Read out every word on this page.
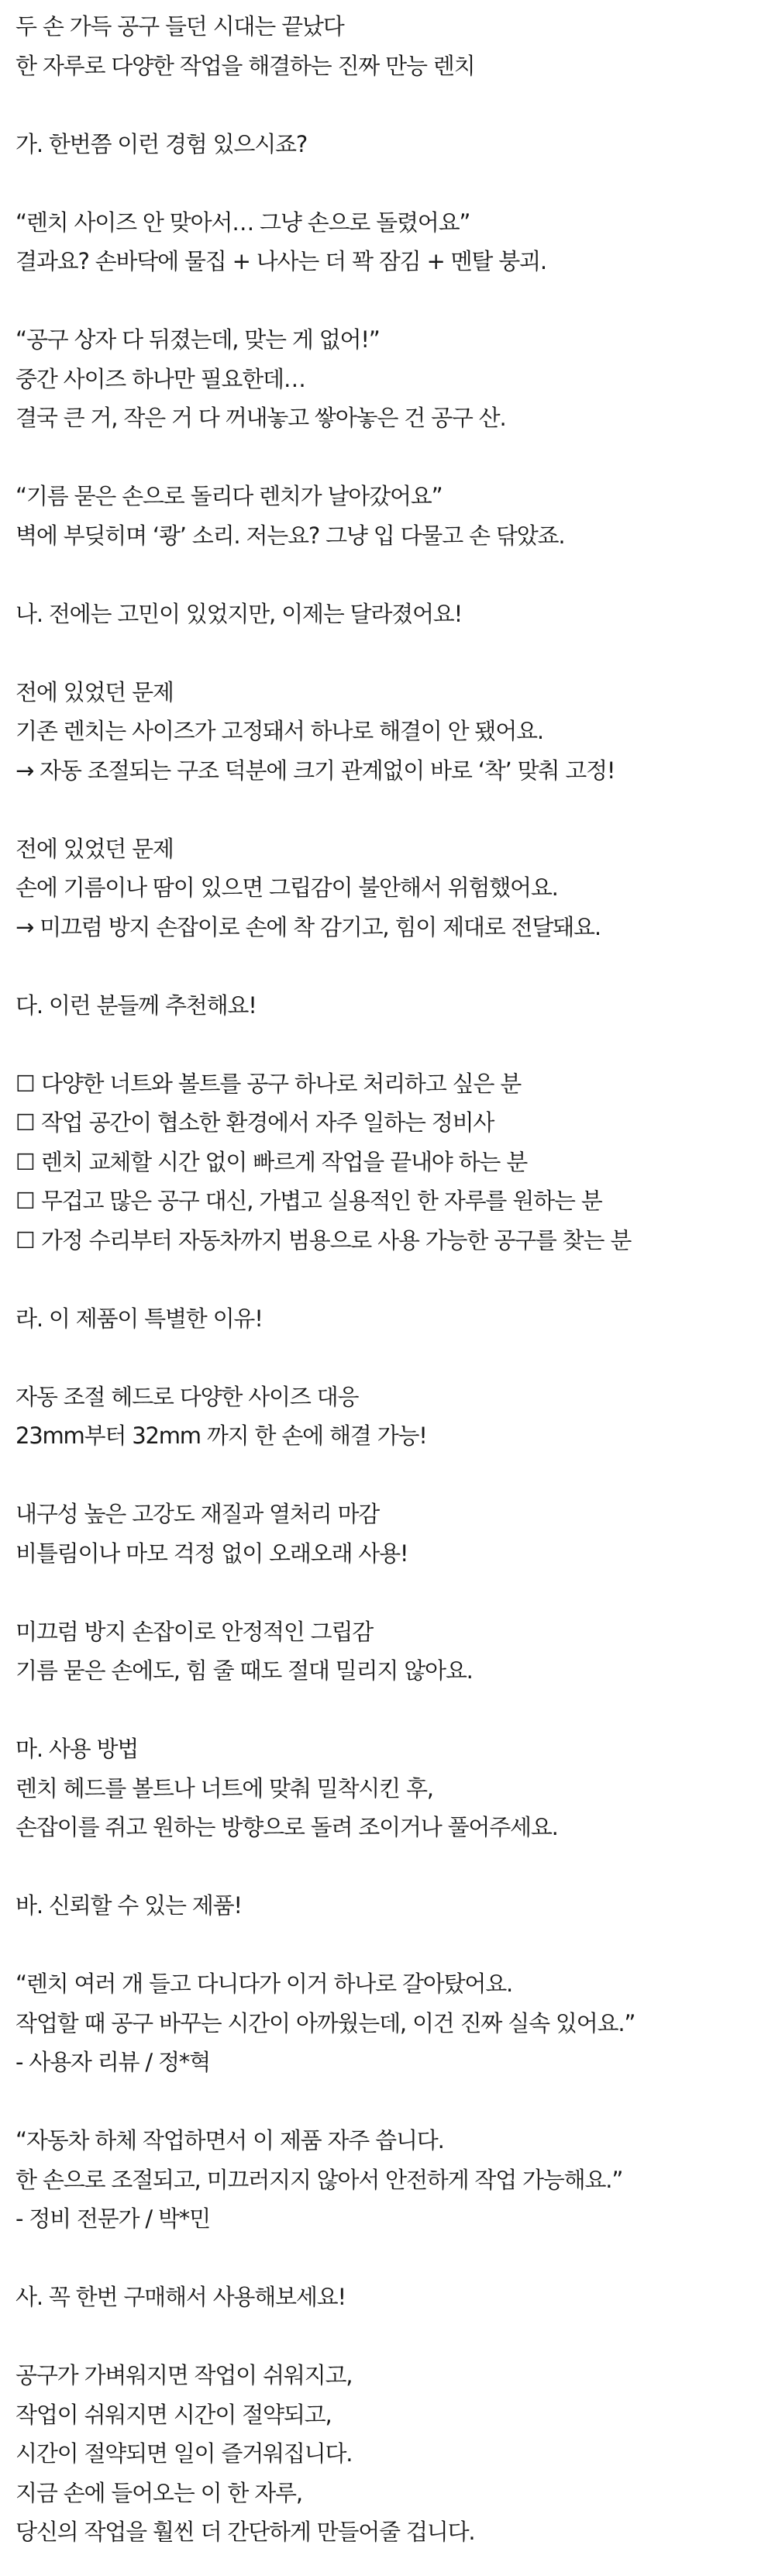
두 손 가득 공구 들던 시대는 끝났다
한 자루로 다양한 작업을 해결하는 진짜 만능 렌치
가. 한번쯤 이런 경험 있으시죠?
“렌치 사이즈 안 맞아서… 그냥 손으로 돌렸어요”
결과요? 손바닥에 물집 + 나사는 더 꽉 잠김 + 멘탈 붕괴.
“공구 상자 다 뒤졌는데, 맞는 게 없어!”
중간 사이즈 하나만 필요한데…
결국 큰 거, 작은 거 다 꺼내놓고 쌓아놓은 건 공구 산.
“기름 묻은 손으로 돌리다 렌치가 날아갔어요”
벽에 부딪히며 ‘쾅’ 소리. 저는요? 그냥 입 다물고 손 닦았죠.
나. 전에는 고민이 있었지만, 이제는 달라졌어요!
전에 있었던 문제
기존 렌치는 사이즈가 고정돼서 하나로 해결이 안 됐어요.
→ 자동 조절되는 구조 덕분에 크기 관계없이 바로 ‘착’ 맞춰 고정!
전에 있었던 문제
손에 기름이나 땀이 있으면 그립감이 불안해서 위험했어요.
→ 미끄럼 방지 손잡이로 손에 착 감기고, 힘이 제대로 전달돼요.
다. 이런 분들께 추천해요!
☐ 다양한 너트와 볼트를 공구 하나로 처리하고 싶은 분
☐ 작업 공간이 협소한 환경에서 자주 일하는 정비사
☐ 렌치 교체할 시간 없이 빠르게 작업을 끝내야 하는 분
☐ 무겁고 많은 공구 대신, 가볍고 실용적인 한 자루를 원하는 분
☐ 가정 수리부터 자동차까지 범용으로 사용 가능한 공구를 찾는 분
라. 이 제품이 특별한 이유!
자동 조절 헤드로 다양한 사이즈 대응
23mm부터 32mm 까지 한 손에 해결 가능!
내구성 높은 고강도 재질과 열처리 마감
비틀림이나 마모 걱정 없이 오래오래 사용!
미끄럼 방지 손잡이로 안정적인 그립감
기름 묻은 손에도, 힘 줄 때도 절대 밀리지 않아요.
마. 사용 방법
렌치 헤드를 볼트나 너트에 맞춰 밀착시킨 후,
손잡이를 쥐고 원하는 방향으로 돌려 조이거나 풀어주세요.
바. 신뢰할 수 있는 제품!
“렌치 여러 개 들고 다니다가 이거 하나로 갈아탔어요.
작업할 때 공구 바꾸는 시간이 아까웠는데, 이건 진짜 실속 있어요.”
- 사용자 리뷰 / 정*혁
“자동차 하체 작업하면서 이 제품 자주 씁니다.
한 손으로 조절되고, 미끄러지지 않아서 안전하게 작업 가능해요.”
- 정비 전문가 / 박*민
사. 꼭 한번 구매해서 사용해보세요!
공구가 가벼워지면 작업이 쉬워지고,
작업이 쉬워지면 시간이 절약되고,
시간이 절약되면 일이 즐거워집니다.
지금 손에 들어오는 이 한 자루,
당신의 작업을 훨씬 더 간단하게 만들어줄 겁니다.
